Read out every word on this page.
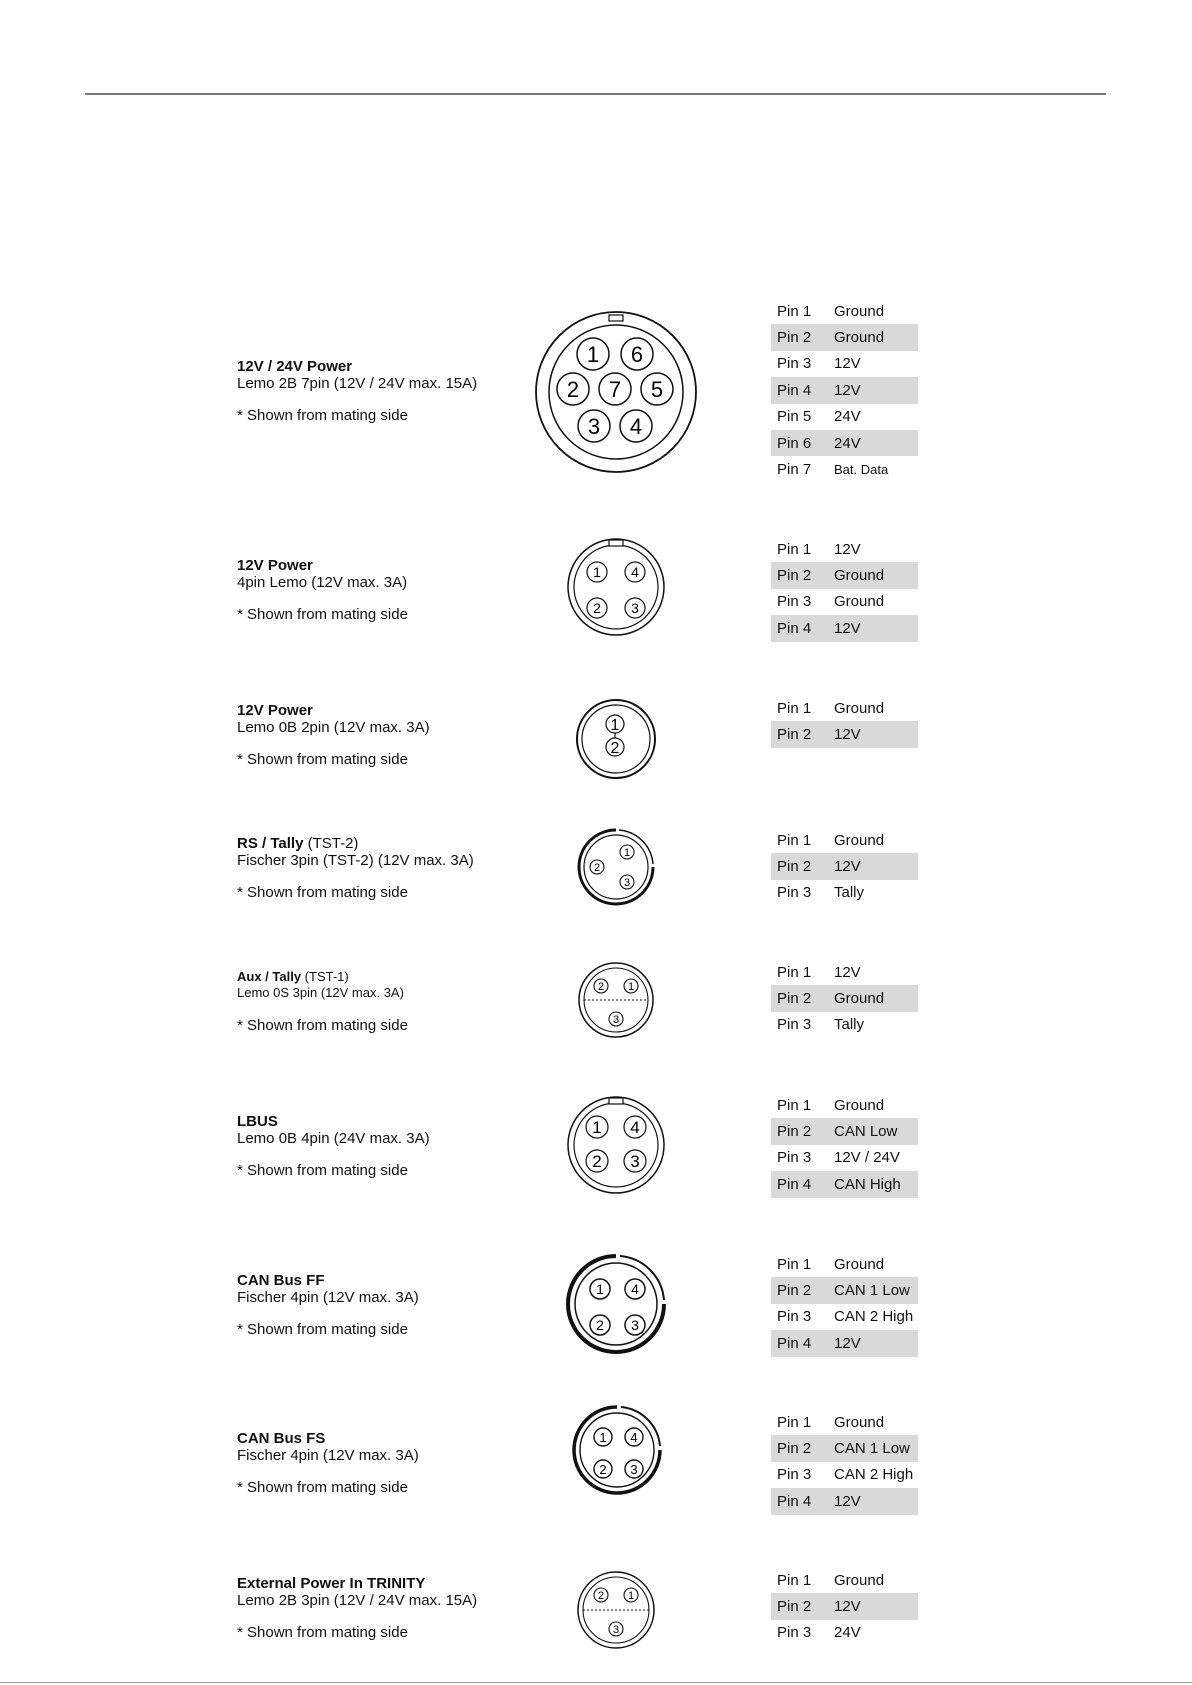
12V / 24V Power
Lemo 2B 7pin (12V / 24V max. 15A)
* Shown from mating side
1 6
2 7 5
3 4
Pin 1	Ground
Pin 2	Ground
Pin 3	12V
Pin 4	12V
Pin 5	24V
Pin 6	24V
Pin 7	Bat. Data
12V Power
4pin Lemo (12V max. 3A)
* Shown from mating side
1 4
2 3
Pin 1	12V
Pin 2	Ground
Pin 3	Ground
Pin 4	12V
12V Power
Lemo 0B 2pin (12V max. 3A)
* Shown from mating side
1
2
Pin 1	Ground
Pin 2	12V
RS / Tally (TST-2)
Fischer 3pin (TST-2) (12V max. 3A)
* Shown from mating side
1
2
3
Pin 1	Ground
Pin 2	12V
Pin 3	Tally
Aux / Tally (TST-1)
Lemo 0S 3pin (12V max. 3A)
* Shown from mating side
1
2
3
Pin 1	12V
Pin 2	Ground
Pin 3	Tally
LBUS
Lemo 0B 4pin (24V max. 3A)
* Shown from mating side
1 4
2 3
Pin 1	Ground
Pin 2	CAN Low
Pin 3	12V / 24V
Pin 4	CAN High
CAN Bus FF
Fischer 4pin (12V max. 3A)
* Shown from mating side
1 4
2 3
Pin 1	Ground
Pin 2	CAN 1 Low
Pin 3	CAN 2 High
Pin 4	12V
CAN Bus FS
Fischer 4pin (12V max. 3A)
* Shown from mating side
1 4
2 3
Pin 1	Ground
Pin 2	CAN 1 Low
Pin 3	CAN 2 High
Pin 4	12V
External Power In TRINITY
Lemo 2B 3pin (12V / 24V max. 15A)
* Shown from mating side
1
2
3
Pin 1	Ground
Pin 2	12V
Pin 3	24V
